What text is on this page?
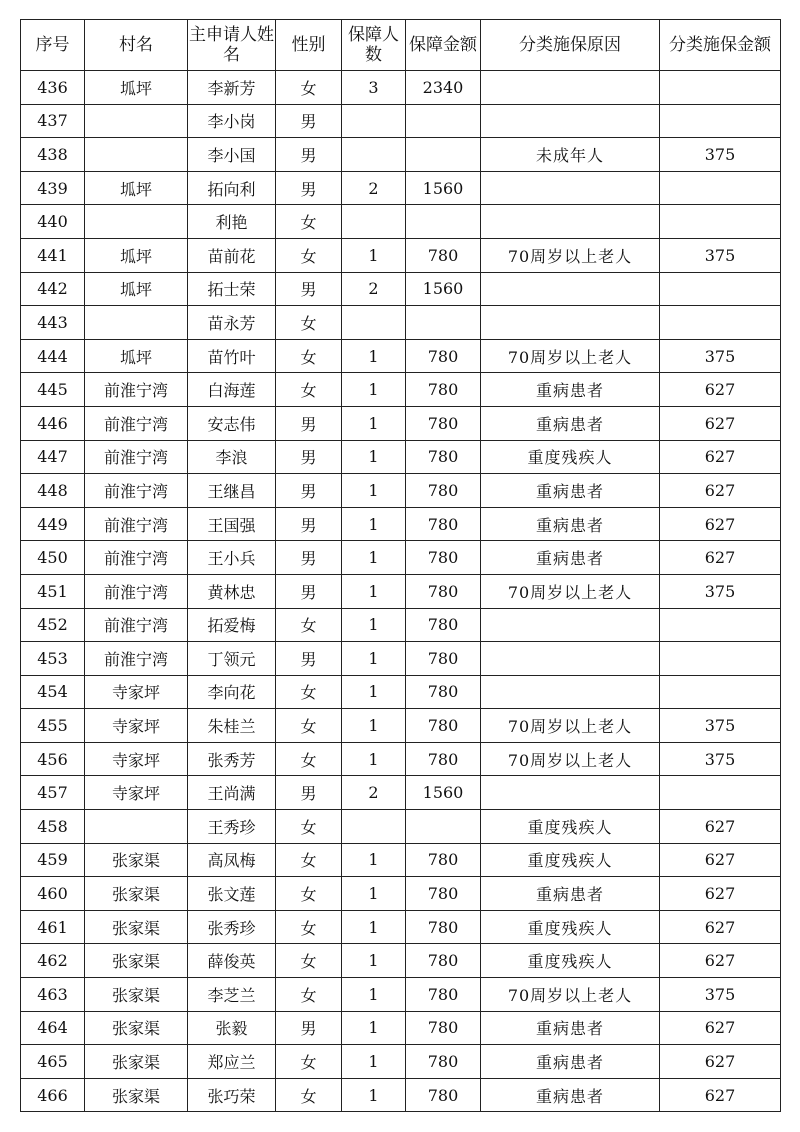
序号	村名	主申请人姓名	性别	保障人数	保障金额	分类施保原因	分类施保金额
436	坬坪	李新芳	女	3	2340		
437		李小岗	男				
438		李小国	男			未成年人	375
439	坬坪	拓向利	男	2	1560		
440		利艳	女				
441	坬坪	苗前花	女	1	780	70周岁以上老人	375
442	坬坪	拓士荣	男	2	1560		
443		苗永芳	女				
444	坬坪	苗竹叶	女	1	780	70周岁以上老人	375
445	前淮宁湾	白海莲	女	1	780	重病患者	627
446	前淮宁湾	安志伟	男	1	780	重病患者	627
447	前淮宁湾	李浪	男	1	780	重度残疾人	627
448	前淮宁湾	王继昌	男	1	780	重病患者	627
449	前淮宁湾	王国强	男	1	780	重病患者	627
450	前淮宁湾	王小兵	男	1	780	重病患者	627
451	前淮宁湾	黄林忠	男	1	780	70周岁以上老人	375
452	前淮宁湾	拓爱梅	女	1	780		
453	前淮宁湾	丁领元	男	1	780		
454	寺家坪	李向花	女	1	780		
455	寺家坪	朱桂兰	女	1	780	70周岁以上老人	375
456	寺家坪	张秀芳	女	1	780	70周岁以上老人	375
457	寺家坪	王尚满	男	2	1560		
458		王秀珍	女			重度残疾人	627
459	张家渠	高凤梅	女	1	780	重度残疾人	627
460	张家渠	张文莲	女	1	780	重病患者	627
461	张家渠	张秀珍	女	1	780	重度残疾人	627
462	张家渠	薛俊英	女	1	780	重度残疾人	627
463	张家渠	李芝兰	女	1	780	70周岁以上老人	375
464	张家渠	张毅	男	1	780	重病患者	627
465	张家渠	郑应兰	女	1	780	重病患者	627
466	张家渠	张巧荣	女	1	780	重病患者	627
